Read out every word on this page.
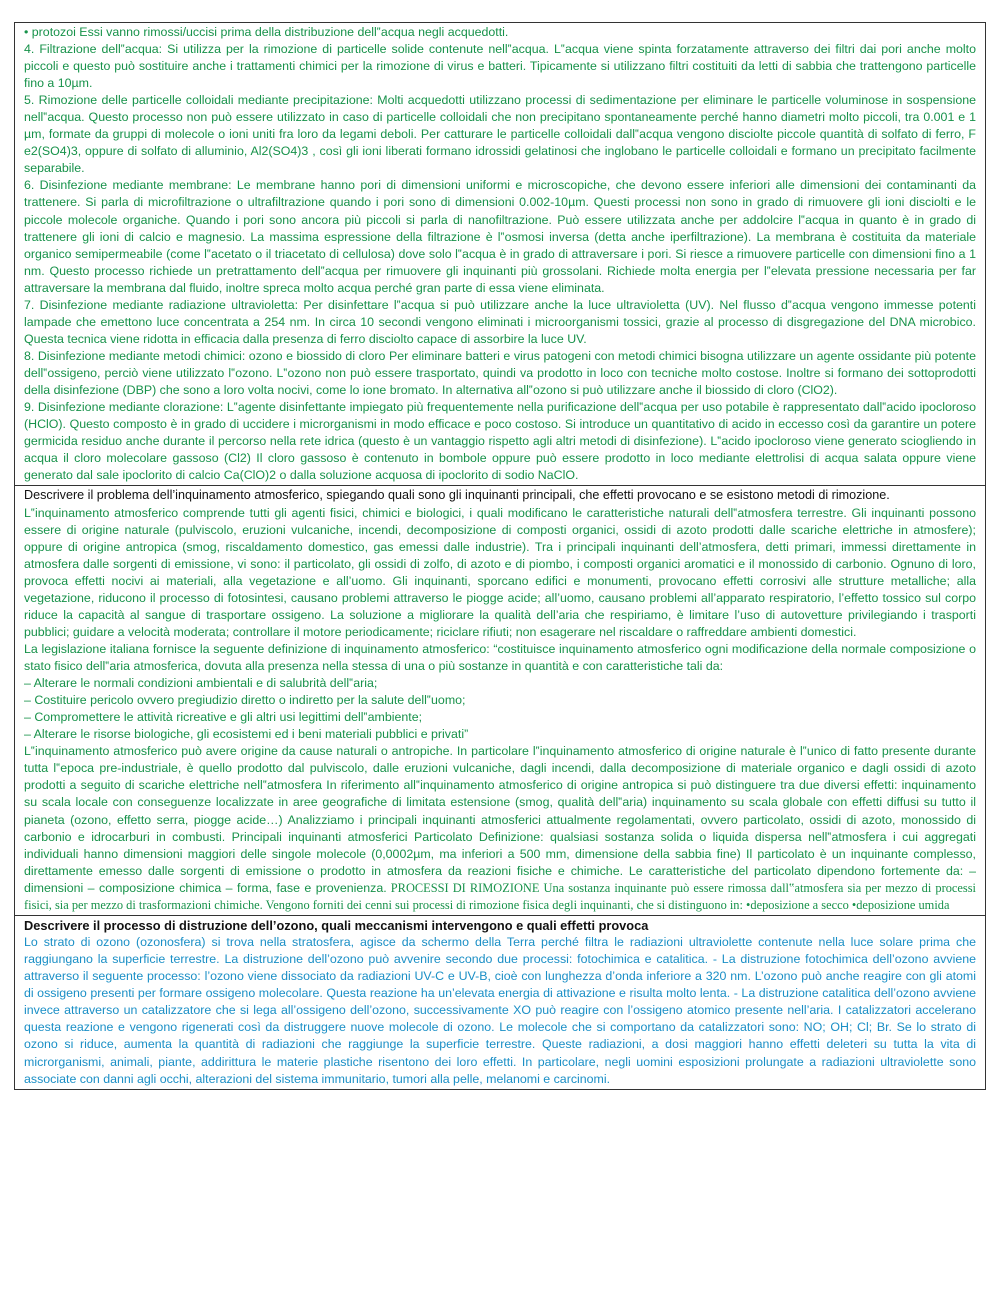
• protozoi Essi vanno rimossi/uccisi prima della distribuzione dell‟acqua negli acquedotti.

4. Filtrazione dell‟acqua: Si utilizza per la rimozione di particelle solide contenute nell‟acqua. L‟acqua viene spinta forzatamente attraverso dei filtri dai pori anche molto piccoli e questo può sostituire anche i trattamenti chimici per la rimozione di virus e batteri. Tipicamente si utilizzano filtri costituiti da letti di sabbia che trattengono particelle fino a 10µm.

5. Rimozione delle particelle colloidali mediante precipitazione: Molti acquedotti utilizzano processi di sedimentazione per eliminare le particelle voluminose in sospensione nell‟acqua. Questo processo non può essere utilizzato in caso di particelle colloidali che non precipitano spontaneamente perché hanno diametri molto piccoli, tra 0.001 e 1 µm, formate da gruppi di molecole o ioni uniti fra loro da legami deboli. Per catturare le particelle colloidali dall‟acqua vengono disciolte piccole quantità di solfato di ferro, F e2(SO4)3, oppure di solfato di alluminio, Al2(SO4)3 , così gli ioni liberati formano idrossidi gelatinosi che inglobano le particelle colloidali e formano un precipitato facilmente separabile.

6. Disinfezione mediante membrane: Le membrane hanno pori di dimensioni uniformi e microscopiche, che devono essere inferiori alle dimensioni dei contaminanti da trattenere. Si parla di microfiltrazione o ultrafiltrazione quando i pori sono di dimensioni 0.002-10µm. Questi processi non sono in grado di rimuovere gli ioni disciolti e le piccole molecole organiche. Quando i pori sono ancora più piccoli si parla di nanofiltrazione. Può essere utilizzata anche per addolcire l‟acqua in quanto è in grado di trattenere gli ioni di calcio e magnesio. La massima espressione della filtrazione è l‟osmosi inversa (detta anche iperfiltrazione). La membrana è costituita da materiale organico semipermeabile (come l‟acetato o il triacetato di cellulosa) dove solo l‟acqua è in grado di attraversare i pori. Si riesce a rimuovere particelle con dimensioni fino a 1 nm. Questo processo richiede un pretrattamento dell‟acqua per rimuovere gli inquinanti più grossolani. Richiede molta energia per l‟elevata pressione necessaria per far attraversare la membrana dal fluido, inoltre spreca molto acqua perché gran parte di essa viene eliminata.

7. Disinfezione mediante radiazione ultravioletta: Per disinfettare l‟acqua si può utilizzare anche la luce ultravioletta (UV). Nel flusso d‟acqua vengono immesse potenti lampade che emettono luce concentrata a 254 nm. In circa 10 secondi vengono eliminati i microorganismi tossici, grazie al processo di disgregazione del DNA microbico. Questa tecnica viene ridotta in efficacia dalla presenza di ferro disciolto capace di assorbire la luce UV.

8. Disinfezione mediante metodi chimici: ozono e biossido di cloro Per eliminare batteri e virus patogeni con metodi chimici bisogna utilizzare un agente ossidante più potente dell‟ossigeno, perciò viene utilizzato l‟ozono. L‟ozono non può essere trasportato, quindi va prodotto in loco con tecniche molto costose. Inoltre si formano dei sottoprodotti della disinfezione (DBP) che sono a loro volta nocivi, come lo ione bromato. In alternativa all‟ozono si può utilizzare anche il biossido di cloro (ClO2).

9. Disinfezione mediante clorazione: L‟agente disinfettante impiegato più frequentemente nella purificazione dell‟acqua per uso potabile è rappresentato dall‟acido ipocloroso (HClO). Questo composto è in grado di uccidere i microrganismi in modo efficace e poco costoso. Si introduce un quantitativo di acido in eccesso così da garantire un potere germicida residuo anche durante il percorso nella rete idrica (questo è un vantaggio rispetto agli altri metodi di disinfezione). L‟acido ipocloroso viene generato sciogliendo in acqua il cloro molecolare gassoso (Cl2) Il cloro gassoso è contenuto in bombole oppure può essere prodotto in loco mediante elettrolisi di acqua salata oppure viene generato dal sale ipoclorito di calcio Ca(ClO)2 o dalla soluzione acquosa di ipoclorito di sodio NaClO.

Descrivere il problema dell’inquinamento atmosferico, spiegando quali sono gli inquinanti principali, che effetti provocano e se esistono metodi di rimozione.

L‟inquinamento atmosferico comprende tutti gli agenti fisici, chimici e biologici, i quali modificano le caratteristiche naturali dell‟atmosfera terrestre. Gli inquinanti possono essere di origine naturale (pulviscolo, eruzioni vulcaniche, incendi, decomposizione di composti organici, ossidi di azoto prodotti dalle scariche elettriche in atmosfere); oppure di origine antropica (smog, riscaldamento domestico, gas emessi dalle industrie). Tra i principali inquinanti dell’atmosfera, detti primari, immessi direttamente in atmosfera dalle sorgenti di emissione, vi sono: il particolato, gli ossidi di zolfo, di azoto e di piombo, i composti organici aromatici e il monossido di carbonio. Ognuno di loro, provoca effetti nocivi ai materiali, alla vegetazione e all’uomo. Gli inquinanti, sporcano edifici e monumenti, provocano effetti corrosivi alle strutture metalliche; alla vegetazione, riducono il processo di fotosintesi, causano problemi attraverso le piogge acide; all’uomo, causano problemi all’apparato respiratorio, l’effetto tossico sul corpo riduce la capacità al sangue di trasportare ossigeno. La soluzione a migliorare la qualità dell’aria che respiriamo, è limitare l’uso di autovetture privilegiando i trasporti pubblici; guidare a velocità moderata; controllare il motore periodicamente; riciclare rifiuti; non esagerare nel riscaldare o raffreddare ambienti domestici.

La legislazione italiana fornisce la seguente definizione di inquinamento atmosferico: “costituisce inquinamento atmosferico ogni modificazione della normale composizione o stato fisico dell‟aria atmosferica, dovuta alla presenza nella stessa di una o più sostanze in quantità e con caratteristiche tali da:

– Alterare le normali condizioni ambientali e di salubrità dell‟aria;

– Costituire pericolo ovvero pregiudizio diretto o indiretto per la salute dell‟uomo;

– Compromettere le attività ricreative e gli altri usi legittimi dell‟ambiente;

– Alterare le risorse biologiche, gli ecosistemi ed i beni materiali pubblici e privati”

L‟inquinamento atmosferico può avere origine da cause naturali o antropiche. In particolare l‟inquinamento atmosferico di origine naturale è l‟unico di fatto presente durante tutta l‟epoca pre-industriale, è quello prodotto dal pulviscolo, dalle eruzioni vulcaniche, dagli incendi, dalla decomposizione di materiale organico e dagli ossidi di azoto prodotti a seguito di scariche elettriche nell‟atmosfera In riferimento all‟inquinamento atmosferico di origine antropica si può distinguere tra due diversi effetti: inquinamento su scala locale con conseguenze localizzate in aree geografiche di limitata estensione (smog, qualità dell‟aria) inquinamento su scala globale con effetti diffusi su tutto il pianeta (ozono, effetto serra, piogge acide…) Analizziamo i principali inquinanti atmosferici attualmente regolamentati, ovvero particolato, ossidi di azoto, monossido di carbonio e idrocarburi in combusti. Principali inquinanti atmosferici Particolato Definizione: qualsiasi sostanza solida o liquida dispersa nell‟atmosfera i cui aggregati individuali hanno dimensioni maggiori delle singole molecole (0,0002µm, ma inferiori a 500 mm, dimensione della sabbia fine) Il particolato è un inquinante complesso, direttamente emesso dalle sorgenti di emissione o prodotto in atmosfera da reazioni fisiche e chimiche. Le caratteristiche del particolato dipendono fortemente da: – dimensioni – composizione chimica – forma, fase e provenienza. PROCESSI DI RIMOZIONE Una sostanza inquinante può essere rimossa dall‟atmosfera sia per mezzo di processi fisici, sia per mezzo di trasformazioni chimiche. Vengono forniti dei cenni sui processi di rimozione fisica degli inquinanti, che si distinguono in: •deposizione a secco •deposizione umida

Descrivere il processo di distruzione dell’ozono, quali meccanismi intervengono e quali effetti provoca

Lo strato di ozono (ozonosfera) si trova nella stratosfera, agisce da schermo della Terra perché filtra le radiazioni ultraviolette contenute nella luce solare prima che raggiungano la superficie terrestre. La distruzione dell’ozono può avvenire secondo due processi: fotochimica e catalitica. - La distruzione fotochimica dell’ozono avviene attraverso il seguente processo: l’ozono viene dissociato da radiazioni UV-C e UV-B, cioè con lunghezza d’onda inferiore a 320 nm. L’ozono può anche reagire con gli atomi di ossigeno presenti per formare ossigeno molecolare. Questa reazione ha un’elevata energia di attivazione e risulta molto lenta. - La distruzione catalitica dell’ozono avviene invece attraverso un catalizzatore che si lega all’ossigeno dell’ozono, successivamente XO può reagire con l’ossigeno atomico presente nell’aria. I catalizzatori accelerano questa reazione e vengono rigenerati così da distruggere nuove molecole di ozono. Le molecole che si comportano da catalizzatori sono: NO; OH; Cl; Br. Se lo strato di ozono si riduce, aumenta la quantità di radiazioni che raggiunge la superficie terrestre. Queste radiazioni, a dosi maggiori hanno effetti deleteri su tutta la vita di microrganismi, animali, piante, addirittura le materie plastiche risentono dei loro effetti. In particolare, negli uomini esposizioni prolungate a radiazioni ultraviolette sono associate con danni agli occhi, alterazioni del sistema immunitario, tumori alla pelle, melanomi e carcinomi.
